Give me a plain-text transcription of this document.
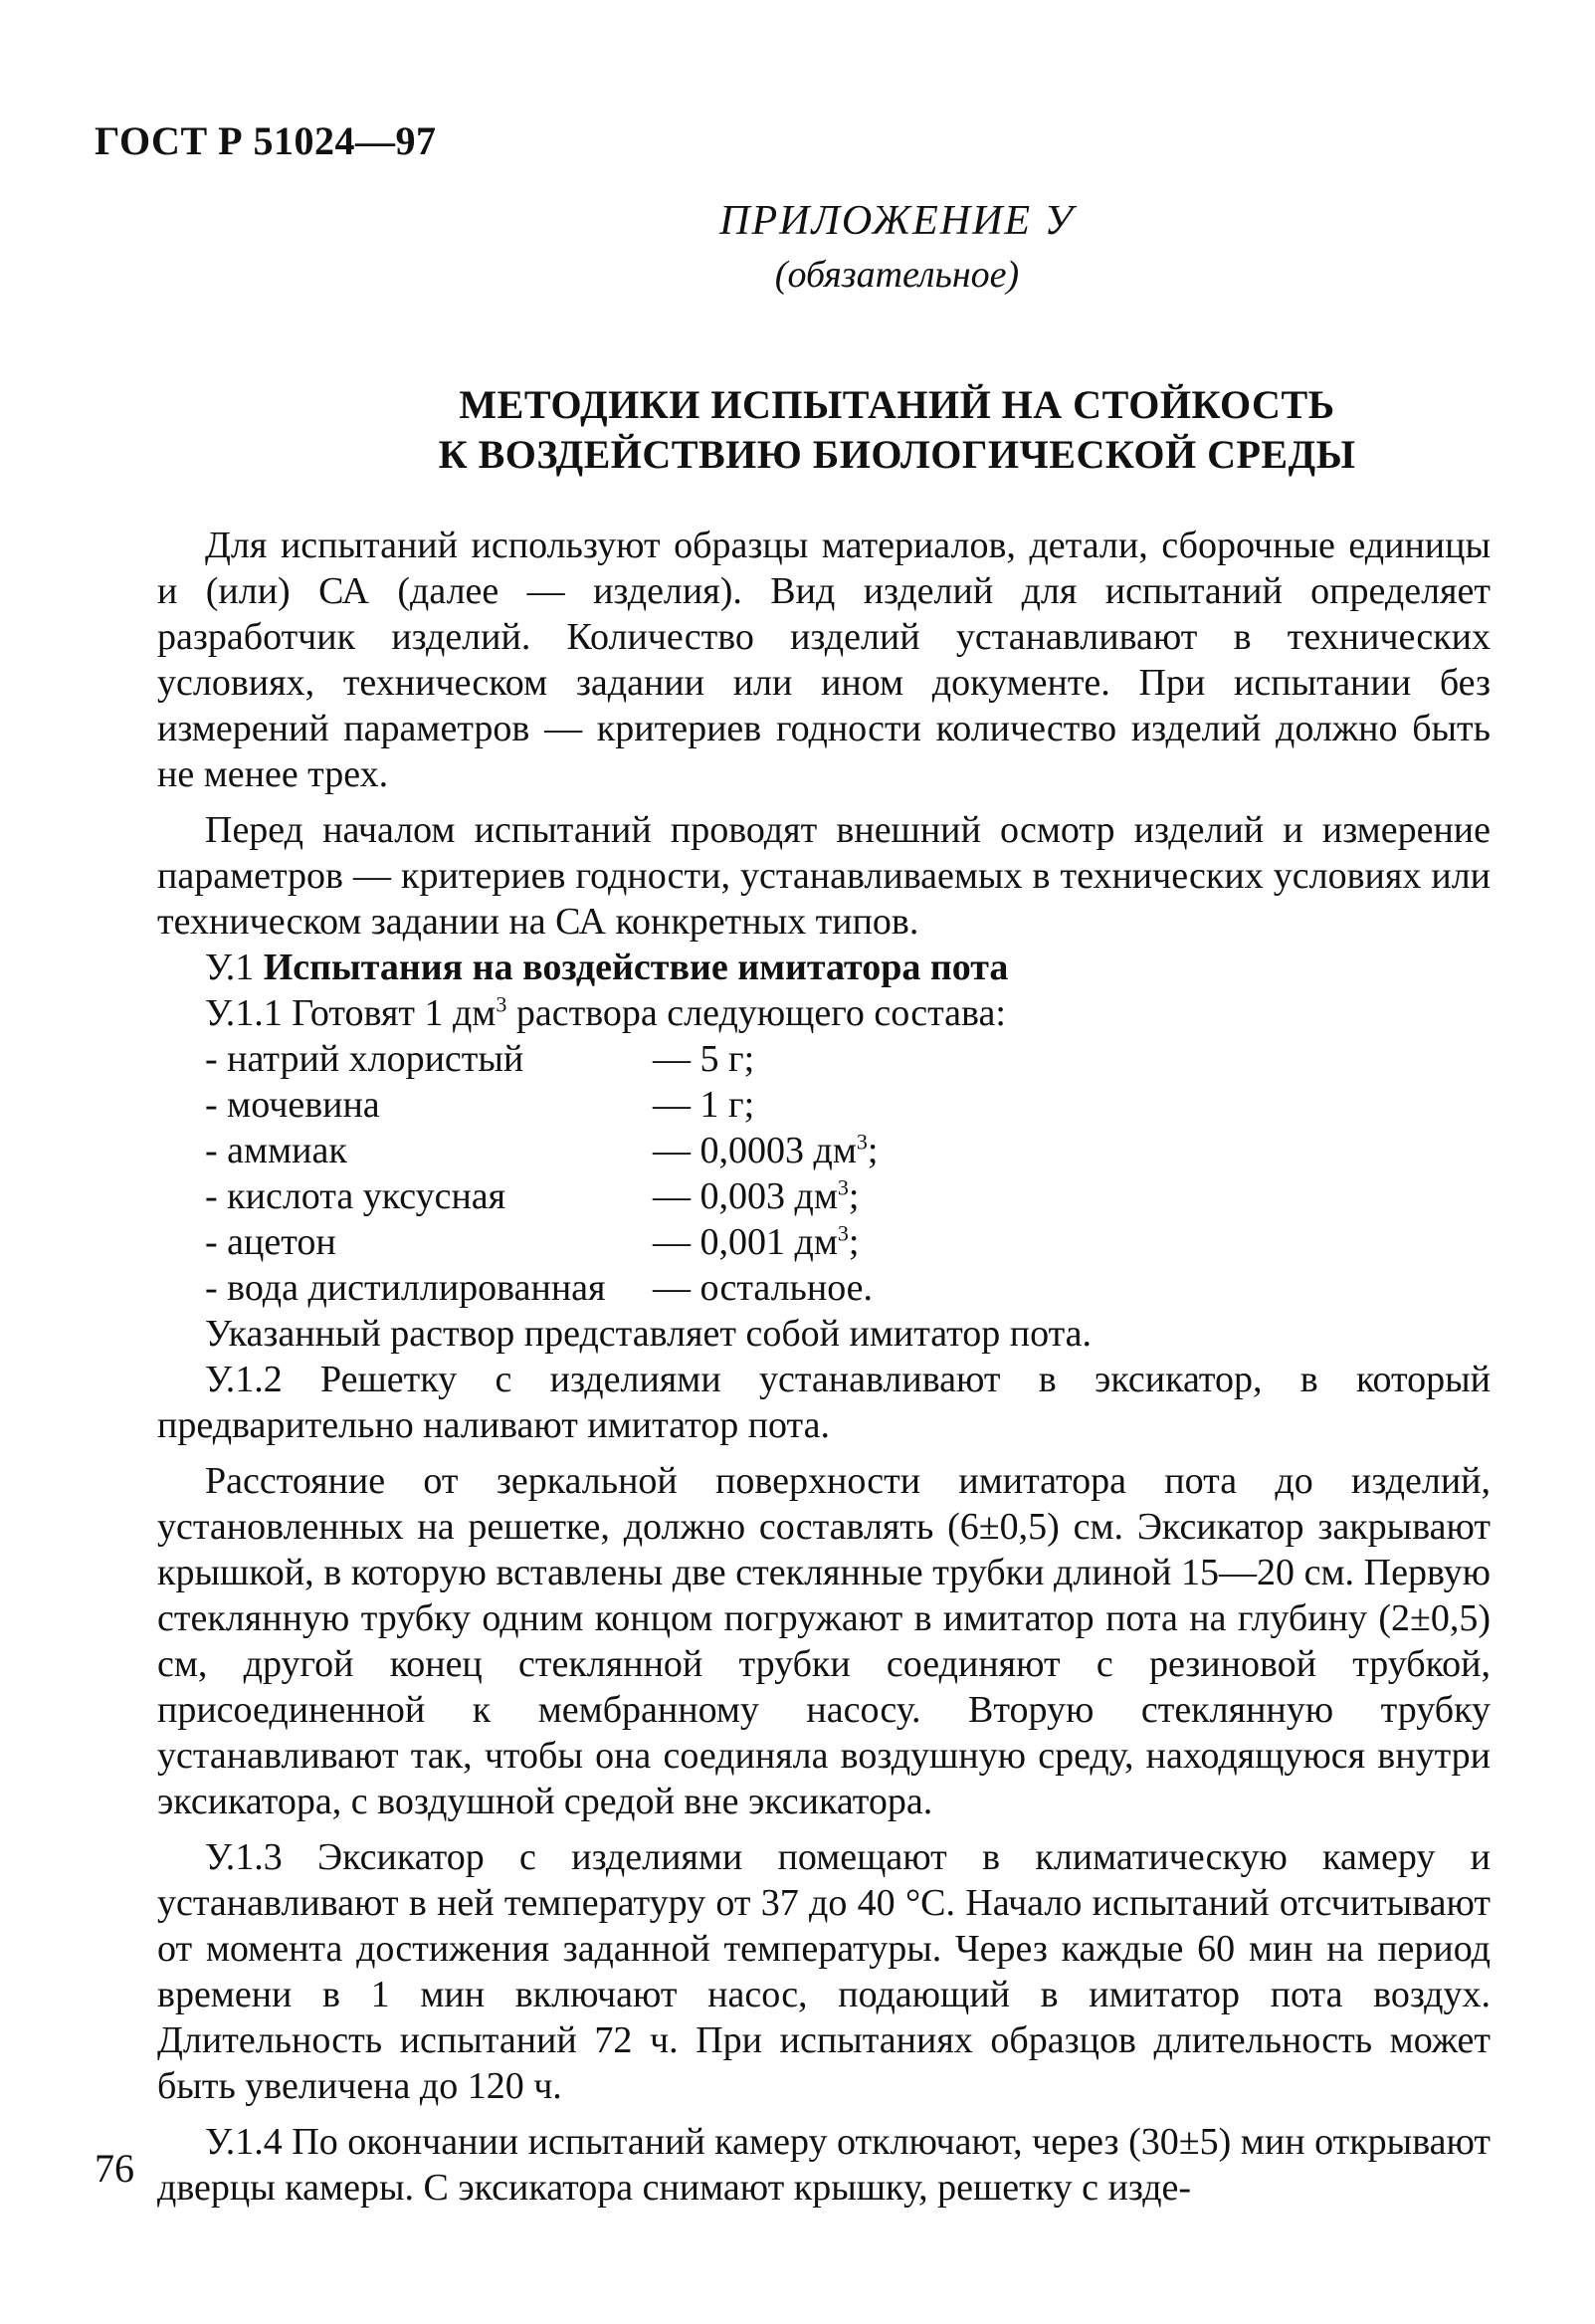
ГОСТ Р 51024—97
ПРИЛОЖЕНИЕ У
(обязательное)
МЕТОДИКИ ИСПЫТАНИЙ НА СТОЙКОСТЬ
К ВОЗДЕЙСТВИЮ БИОЛОГИЧЕСКОЙ СРЕДЫ

Для испытаний используют образцы материалов, детали, сборочные единицы и (или) СА (далее — изделия). Вид изделий для испытаний определяет разработчик изделий. Количество изделий устанавливают в технических условиях, техническом задании или ином документе. При испытании без измерений параметров — критериев годности количество изделий должно быть не менее трех.

Перед началом испытаний проводят внешний осмотр изделий и измерение параметров — критериев годности, устанавливаемых в технических условиях или техническом задании на СА конкретных типов.

У.1 Испытания на воздействие имитатора пота

У.1.1 Готовят 1 $дм^3$ раствора следующего состава:

- натрий хлористый	— 5 г;
- мочевина	— 1 г;
- аммиак	— 0,0003 $дм^3$;
- кислота уксусная	— 0,003 $дм^3$;
- ацетон	— 0,001 $дм^3$;
- вода дистиллированная	— остальное.

Указанный раствор представляет собой имитатор пота.

У.1.2 Решетку с изделиями устанавливают в эксикатор, в который предварительно наливают имитатор пота.

Расстояние от зеркальной поверхности имитатора пота до изделий, установленных на решетке, должно составлять (6±0,5) см. Эксикатор закрывают крышкой, в которую вставлены две стеклянные трубки длиной 15—20 см. Первую стеклянную трубку одним концом погружают в имитатор пота на глубину (2±0,5) см, другой конец стеклянной трубки соединяют с резиновой трубкой, присоединенной к мембранному насосу. Вторую стеклянную трубку устанавливают так, чтобы она соединяла воздушную среду, находящуюся внутри эксикатора, с воздушной средой вне эксикатора.

У.1.3 Эксикатор с изделиями помещают в климатическую камеру и устанавливают в ней температуру от 37 до 40 °С. Начало испытаний отсчитывают от момента достижения заданной температуры. Через каждые 60 мин на период времени в 1 мин включают насос, подающий в имитатор пота воздух. Длительность испытаний 72 ч. При испытаниях образцов длительность может быть увеличена до 120 ч.

У.1.4 По окончании испытаний камеру отключают, через (30±5) мин открывают дверцы камеры. С эксикатора снимают крышку, решетку с изде-

76
